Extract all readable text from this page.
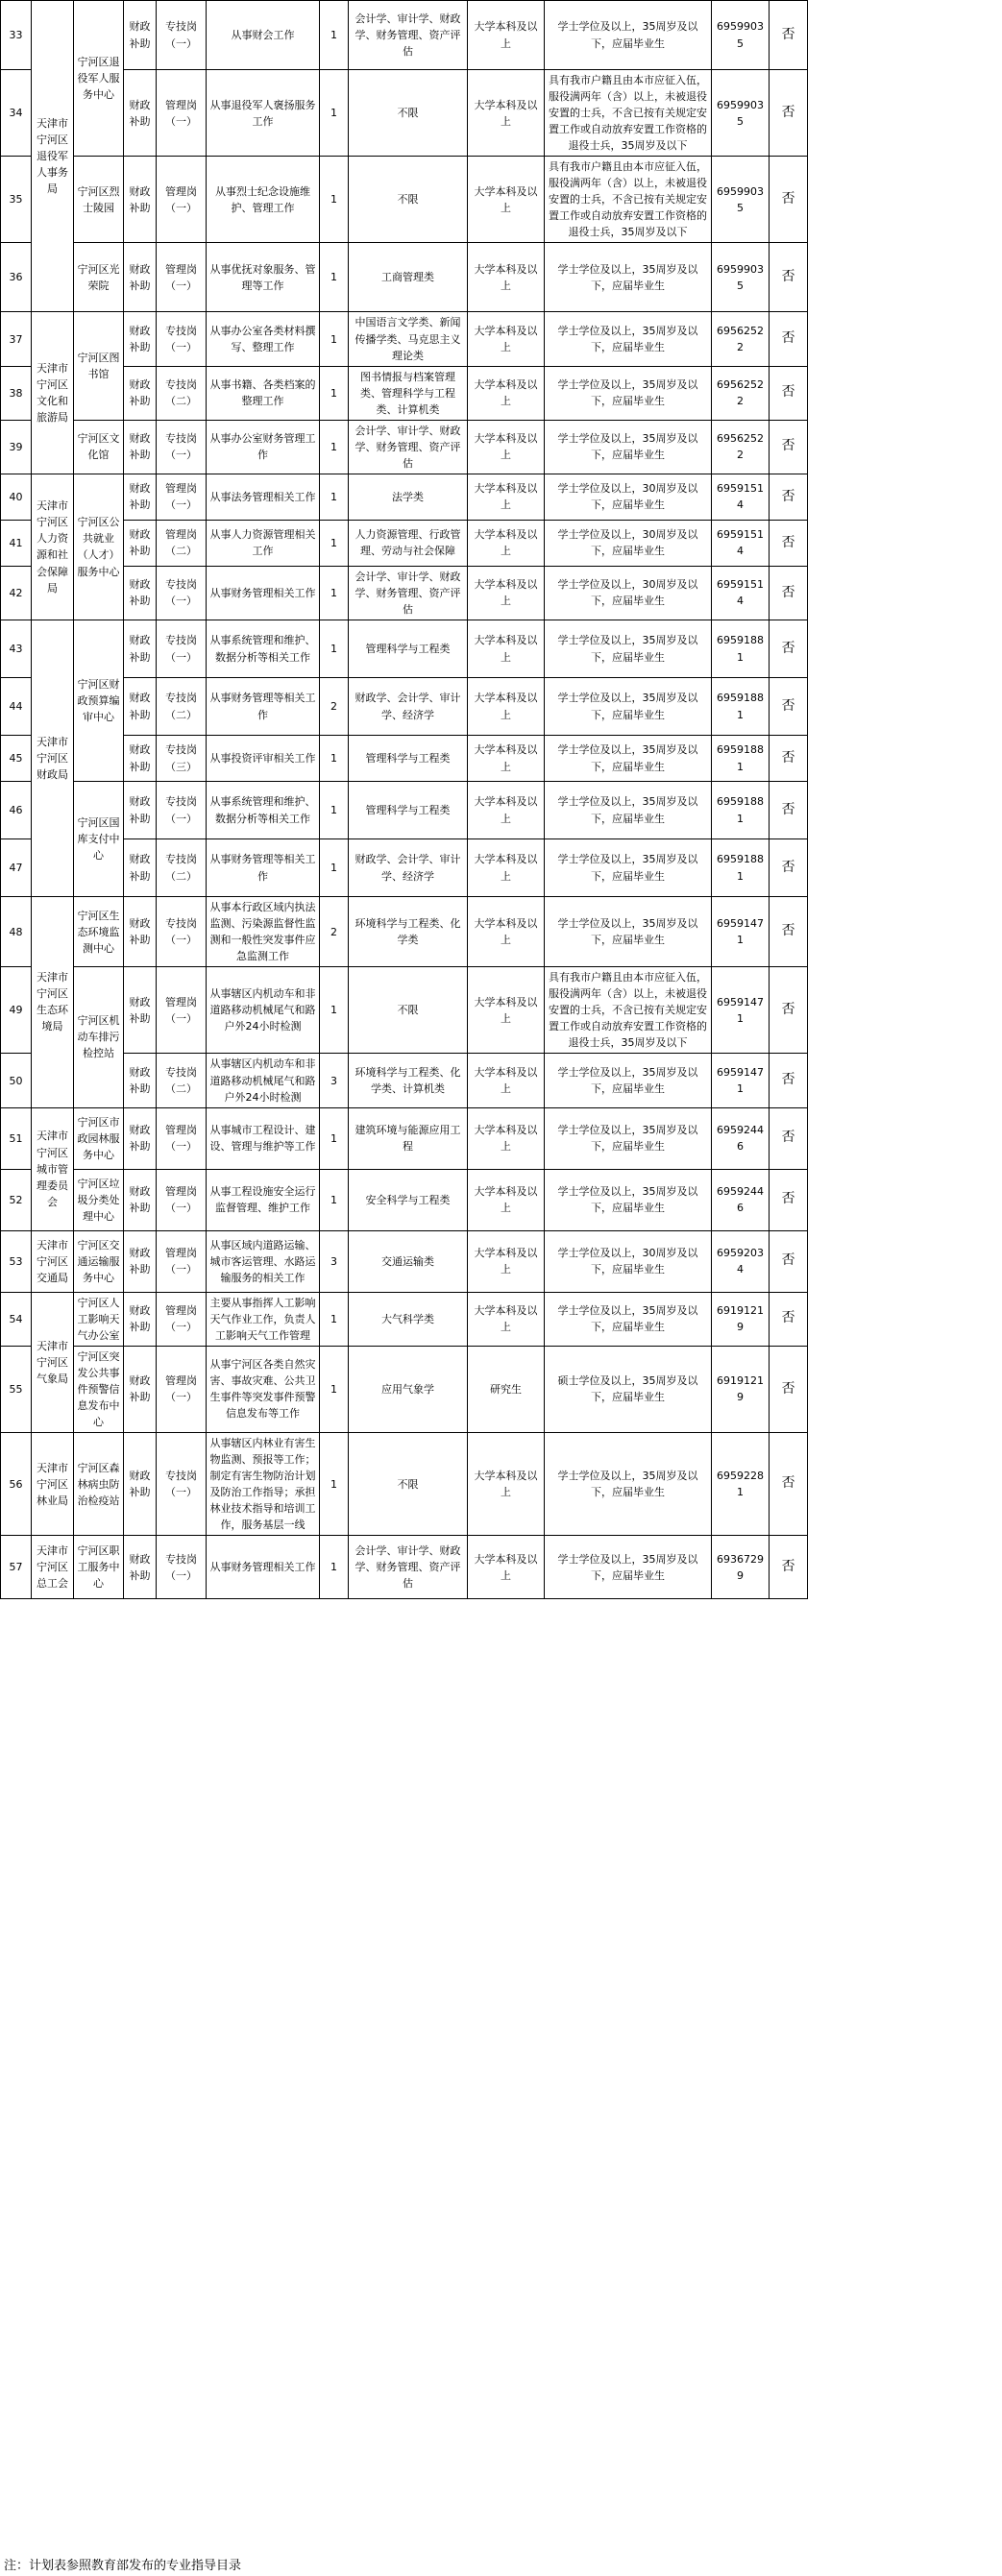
33	天津市宁河区退役军人事务局	宁河区退役军人服务中心	财政补助	专技岗（一）	从事财会工作	1	会计学、审计学、财政学、财务管理、资产评估	大学本科及以上	学士学位及以上，35周岁及以下，应届毕业生	69599035	否	
34			财政补助	管理岗（一）	从事退役军人褒扬服务工作	1	不限	大学本科及以上	具有我市户籍且由本市应征入伍，服役满两年（含）以上，未被退役安置的士兵，不含已按有关规定安置工作或自动放弃安置工作资格的退役士兵，35周岁及以下	69599035	否	
35		宁河区烈士陵园	财政补助	管理岗（一）	从事烈士纪念设施维护、管理工作	1	不限	大学本科及以上	具有我市户籍且由本市应征入伍，服役满两年（含）以上，未被退役安置的士兵，不含已按有关规定安置工作或自动放弃安置工作资格的退役士兵，35周岁及以下	69599035	否	
36		宁河区光荣院	财政补助	管理岗（一）	从事优抚对象服务、管理等工作	1	工商管理类	大学本科及以上	学士学位及以上，35周岁及以下，应届毕业生	69599035	否	
37	天津市宁河区文化和旅游局	宁河区图书馆	财政补助	专技岗（一）	从事办公室各类材料撰写、整理工作	1	中国语言文学类、新闻传播学类、马克思主义理论类	大学本科及以上	学士学位及以上，35周岁及以下，应届毕业生	69562522	否	
38			财政补助	专技岗（二）	从事书籍、各类档案的整理工作	1	图书情报与档案管理类、管理科学与工程类、计算机类	大学本科及以上	学士学位及以上，35周岁及以下，应届毕业生	69562522	否	
39		宁河区文化馆	财政补助	专技岗（一）	从事办公室财务管理工作	1	会计学、审计学、财政学、财务管理、资产评估	大学本科及以上	学士学位及以上，35周岁及以下，应届毕业生	69562522	否	
40	天津市宁河区人力资源和社会保障局	宁河区公共就业（人才）服务中心	财政补助	管理岗（一）	从事法务管理相关工作	1	法学类	大学本科及以上	学士学位及以上，30周岁及以下，应届毕业生	69591514	否	
41			财政补助	管理岗（二）	从事人力资源管理相关工作	1	人力资源管理、行政管理、劳动与社会保障	大学本科及以上	学士学位及以上，30周岁及以下，应届毕业生	69591514	否	
42			财政补助	专技岗（一）	从事财务管理相关工作	1	会计学、审计学、财政学、财务管理、资产评估	大学本科及以上	学士学位及以上，30周岁及以下，应届毕业生	69591514	否	
43	天津市宁河区财政局	宁河区财政预算编审中心	财政补助	专技岗（一）	从事系统管理和维护、数据分析等相关工作	1	管理科学与工程类	大学本科及以上	学士学位及以上，35周岁及以下，应届毕业生	69591881	否	
44			财政补助	专技岗（二）	从事财务管理等相关工作	2	财政学、会计学、审计学、经济学	大学本科及以上	学士学位及以上，35周岁及以下，应届毕业生	69591881	否	
45			财政补助	专技岗（三）	从事投资评审相关工作	1	管理科学与工程类	大学本科及以上	学士学位及以上，35周岁及以下，应届毕业生	69591881	否	
46		宁河区国库支付中心	财政补助	专技岗（一）	从事系统管理和维护、数据分析等相关工作	1	管理科学与工程类	大学本科及以上	学士学位及以上，35周岁及以下，应届毕业生	69591881	否	
47			财政补助	专技岗（二）	从事财务管理等相关工作	1	财政学、会计学、审计学、经济学	大学本科及以上	学士学位及以上，35周岁及以下，应届毕业生	69591881	否	
48	天津市宁河区生态环境局	宁河区生态环境监测中心	财政补助	专技岗（一）	从事本行政区域内执法监测、污染源监督性监测和一般性突发事件应急监测工作	2	环境科学与工程类、化学类	大学本科及以上	学士学位及以上，35周岁及以下，应届毕业生	69591471	否	
49		宁河区机动车排污检控站	财政补助	管理岗（一）	从事辖区内机动车和非道路移动机械尾气和路户外24小时检测	1	不限	大学本科及以上	具有我市户籍且由本市应征入伍，服役满两年（含）以上，未被退役安置的士兵，不含已按有关规定安置工作或自动放弃安置工作资格的退役士兵，35周岁及以下	69591471	否	
50			财政补助	专技岗（二）	从事辖区内机动车和非道路移动机械尾气和路户外24小时检测	3	环境科学与工程类、化学类、计算机类	大学本科及以上	学士学位及以上，35周岁及以下，应届毕业生	69591471	否	
51	天津市宁河区城市管理委员会	宁河区市政园林服务中心	财政补助	管理岗（一）	从事城市工程设计、建设、管理与维护等工作	1	建筑环境与能源应用工程	大学本科及以上	学士学位及以上，35周岁及以下，应届毕业生	69592446	否	
52		宁河区垃圾分类处理中心	财政补助	管理岗（一）	从事工程设施安全运行监督管理、维护工作	1	安全科学与工程类	大学本科及以上	学士学位及以上，35周岁及以下，应届毕业生	69592446	否	
53	天津市宁河区交通局	宁河区交通运输服务中心	财政补助	管理岗（一）	从事区域内道路运输、城市客运管理、水路运输服务的相关工作	3	交通运输类	大学本科及以上	学士学位及以上，30周岁及以下，应届毕业生	69592034	否	
54	天津市宁河区气象局	宁河区人工影响天气办公室	财政补助	管理岗（一）	主要从事指挥人工影响天气作业工作，负责人工影响天气工作管理	1	大气科学类	大学本科及以上	学士学位及以上，35周岁及以下，应届毕业生	69191219	否	
55		宁河区突发公共事件预警信息发布中心	财政补助	管理岗（一）	从事宁河区各类自然灾害、事故灾难、公共卫生事件等突发事件预警信息发布等工作	1	应用气象学	研究生	硕士学位及以上，35周岁及以下，应届毕业生	69191219	否	
56	天津市宁河区林业局	宁河区森林病虫防治检疫站	财政补助	专技岗（一）	从事辖区内林业有害生物监测、预报等工作；制定有害生物防治计划及防治工作指导；承担林业技术指导和培训工作，服务基层一线	1	不限	大学本科及以上	学士学位及以上，35周岁及以下，应届毕业生	69592281	否	
57	天津市宁河区总工会	宁河区职工服务中心	财政补助	专技岗（一）	从事财务管理相关工作	1	会计学、审计学、财政学、财务管理、资产评估	大学本科及以上	学士学位及以上，35周岁及以下，应届毕业生	69367299	否	
注：计划表参照教育部发布的专业指导目录
